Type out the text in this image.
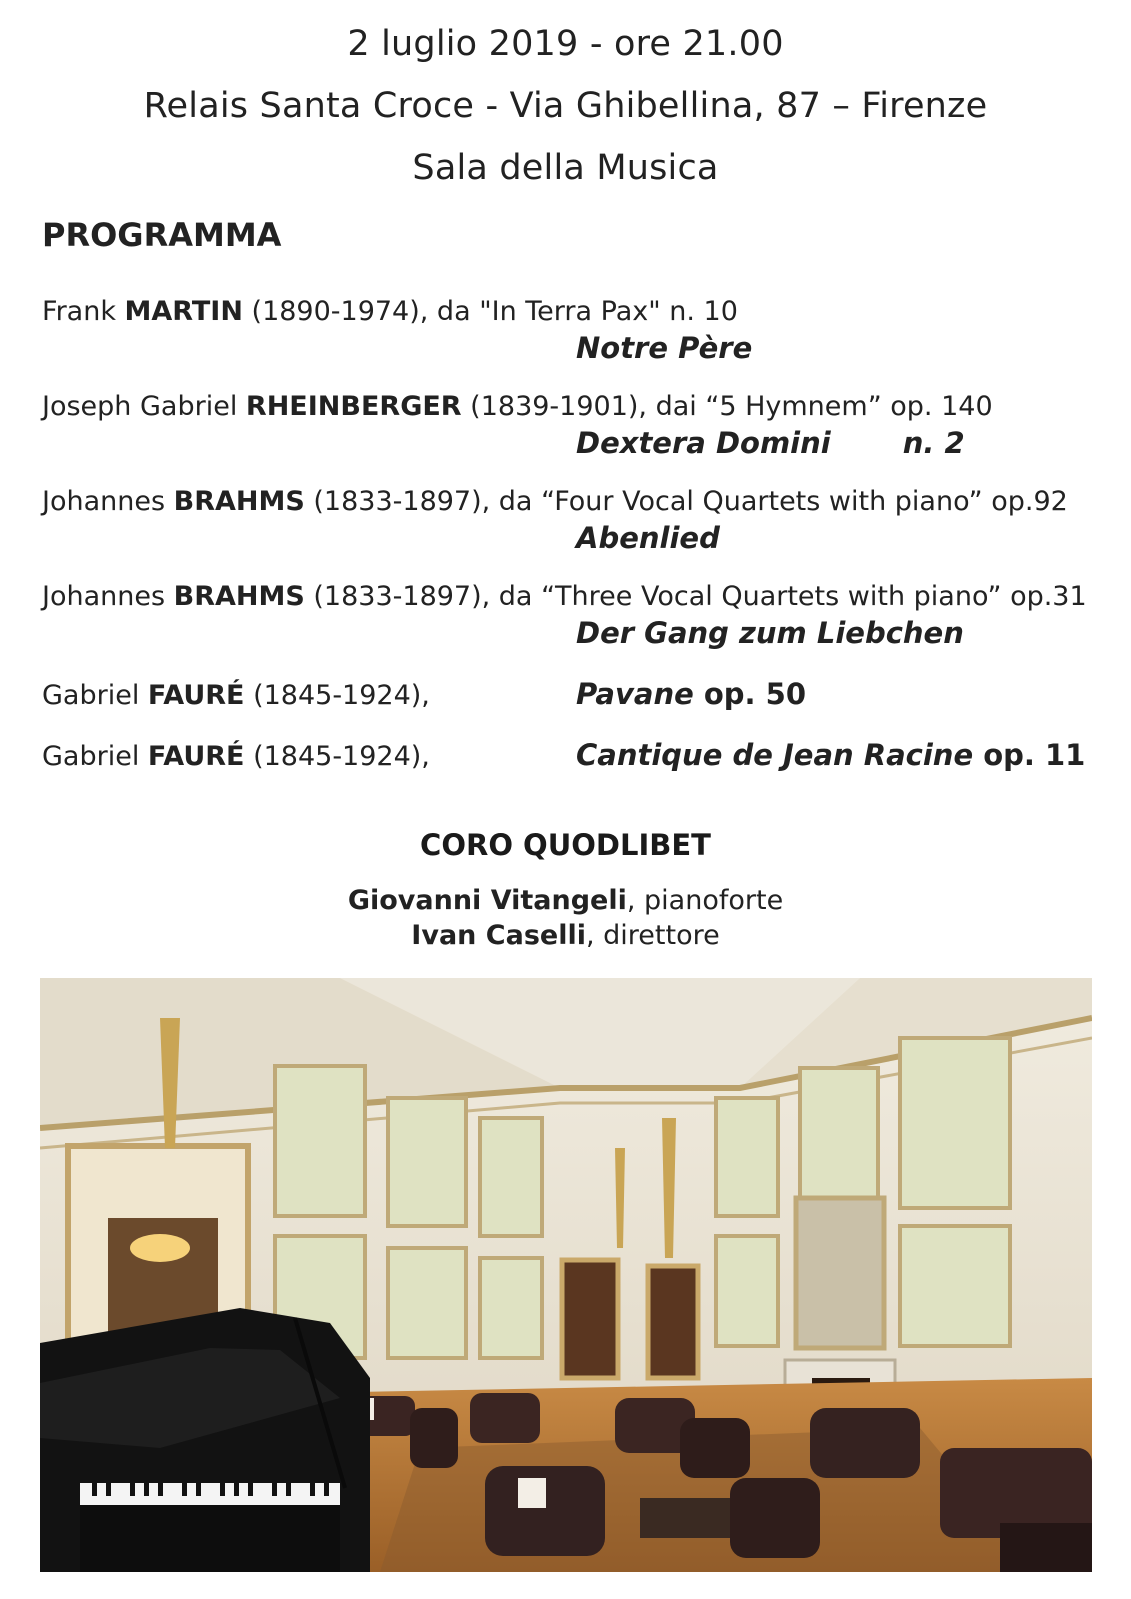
2 luglio 2019 - ore 21.00
Relais Santa Croce - Via Ghibellina, 87 – Firenze
Sala della Musica
PROGRAMMA
Frank MARTIN (1890-1974), da "In Terra Pax" n. 10
Notre Père
Joseph Gabriel RHEINBERGER (1839-1901), dai “5 Hymnem” op. 140
Dextera Domini n. 2
Johannes BRAHMS (1833-1897), da “Four Vocal Quartets with piano” op.92
Abenlied
Johannes BRAHMS (1833-1897), da “Three Vocal Quartets with piano” op.31
Der Gang zum Liebchen
Gabriel FAURÉ (1845-1924),	Pavane op. 50
Gabriel FAURÉ (1845-1924),	Cantique de Jean Racine op. 11
CORO QUODLIBET
Giovanni Vitangeli, pianoforte
Ivan Caselli, direttore
